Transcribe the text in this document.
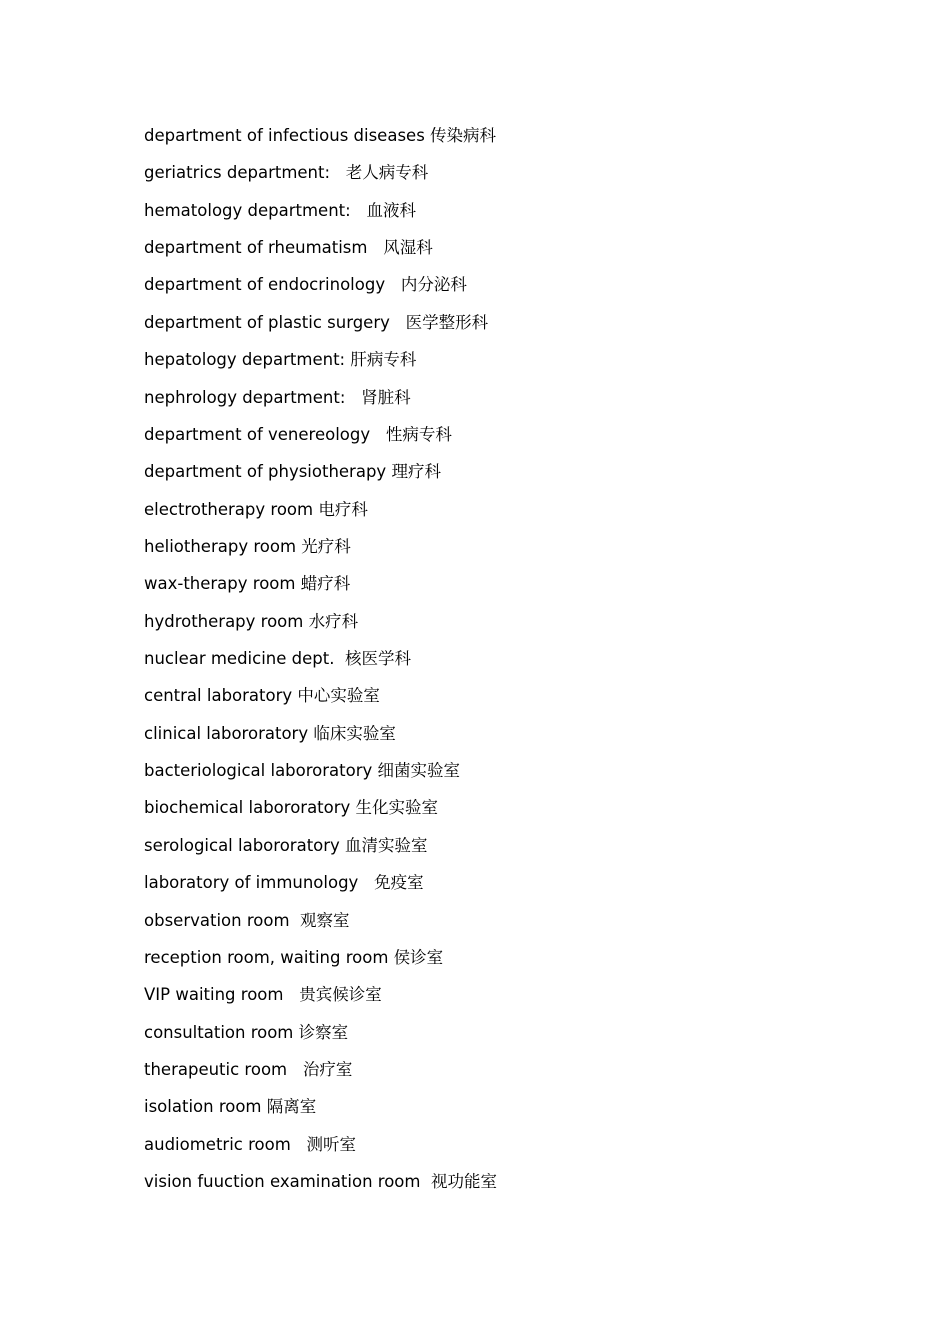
department of infectious diseases 传染病科
geriatrics department:   老人病专科
hematology department:   血液科
department of rheumatism   风湿科
department of endocrinology   内分泌科
department of plastic surgery   医学整形科
hepatology department: 肝病专科
nephrology department:   肾脏科
department of venereology   性病专科
department of physiotherapy 理疗科
electrotherapy room 电疗科
heliotherapy room 光疗科
wax-therapy room 蜡疗科
hydrotherapy room 水疗科
nuclear medicine dept.  核医学科
central laboratory 中心实验室
clinical labororatory 临床实验室
bacteriological labororatory 细菌实验室
biochemical labororatory 生化实验室
serological labororatory 血清实验室
laboratory of immunology   免疫室
observation room  观察室
reception room, waiting room 侯诊室
VIP waiting room   贵宾候诊室
consultation room 诊察室
therapeutic room   治疗室
isolation room 隔离室
audiometric room   测听室
vision fuuction examination room  视功能室
